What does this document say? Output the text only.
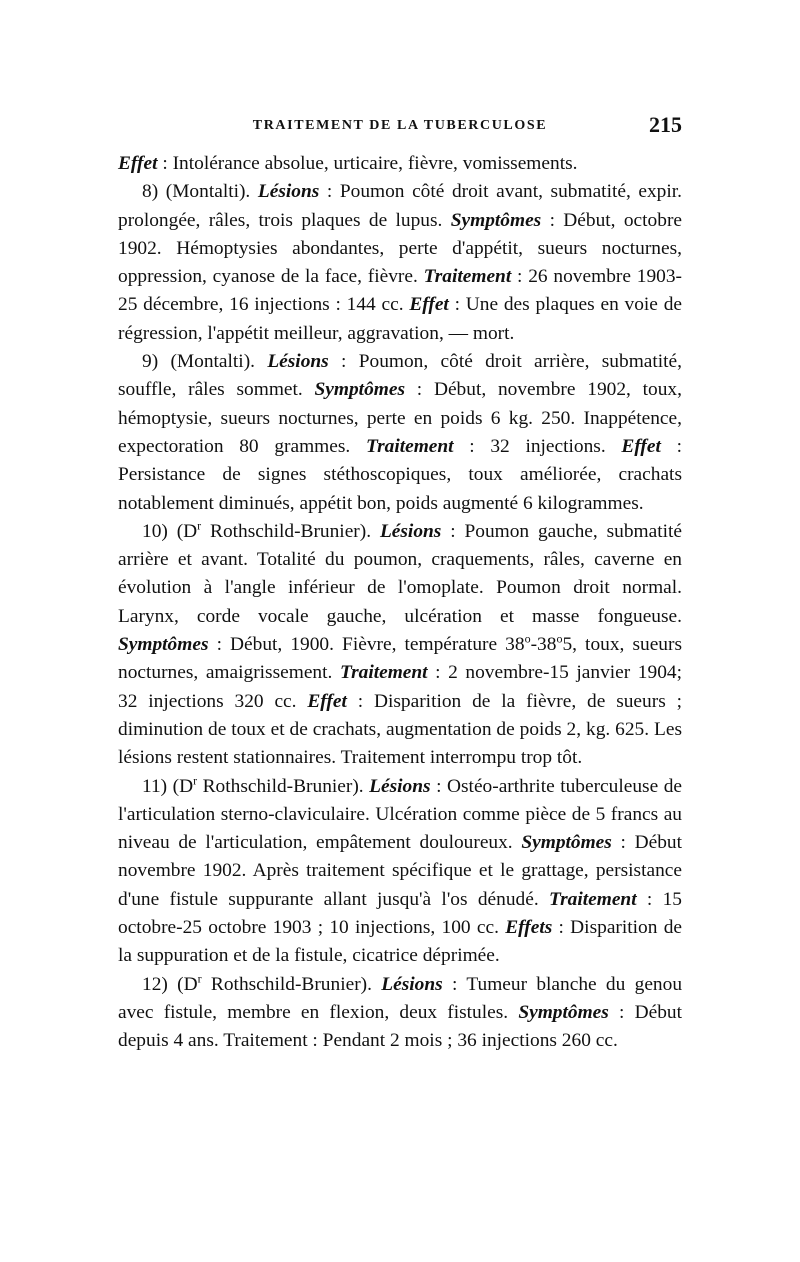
TRAITEMENT DE LA TUBERCULOSE	215

Effet : Intolérance absolue, urticaire, fièvre, vomissements.

8) (Montalti). Lésions : Poumon côté droit avant, submatité, expir. prolongée, râles, trois plaques de lupus. Symptômes : Début, octobre 1902. Hémoptysies abondantes, perte d'appétit, sueurs nocturnes, oppression, cyanose de la face, fièvre. Traitement : 26 novembre 1903-25 décembre, 16 injections : 144 cc. Effet : Une des plaques en voie de régression, l'appétit meilleur, aggravation, — mort.

9) (Montalti). Lésions : Poumon, côté droit arrière, submatité, souffle, râles sommet. Symptômes : Début, novembre 1902, toux, hémoptysie, sueurs nocturnes, perte en poids 6 kg. 250. Inappétence, expectoration 80 grammes. Traitement : 32 injections. Effet : Persistance de signes stéthoscopiques, toux améliorée, crachats notablement diminués, appétit bon, poids augmenté 6 kilogrammes.

10) ($D^r$ Rothschild-Brunier). Lésions : Poumon gauche, submatité arrière et avant. Totalité du poumon, craquements, râles, caverne en évolution à l'angle inférieur de l'omoplate. Poumon droit normal. Larynx, corde vocale gauche, ulcération et masse fongueuse. Symptômes : Début, 1900. Fièvre, température 38$^o$-38$^o$5, toux, sueurs nocturnes, amaigrissement. Traitement : 2 novembre-15 janvier 1904; 32 injections 320 cc. Effet : Disparition de la fièvre, de sueurs ; diminution de toux et de crachats, augmentation de poids 2, kg. 625. Les lésions restent stationnaires. Traitement interrompu trop tôt.

11) ($D^r$ Rothschild-Brunier). Lésions : Ostéo-arthrite tuberculeuse de l'articulation sterno-claviculaire. Ulcération comme pièce de 5 francs au niveau de l'articulation, empâtement douloureux. Symptômes : Début novembre 1902. Après traitement spécifique et le grattage, persistance d'une fistule suppurante allant jusqu'à l'os dénudé. Traitement : 15 octobre-25 octobre 1903 ; 10 injections, 100 cc. Effets : Disparition de la suppuration et de la fistule, cicatrice déprimée.

12) ($D^r$ Rothschild-Brunier). Lésions : Tumeur blanche du genou avec fistule, membre en flexion, deux fistules. Symptômes : Début depuis 4 ans. Traitement : Pendant 2 mois ; 36 injections 260 cc.
